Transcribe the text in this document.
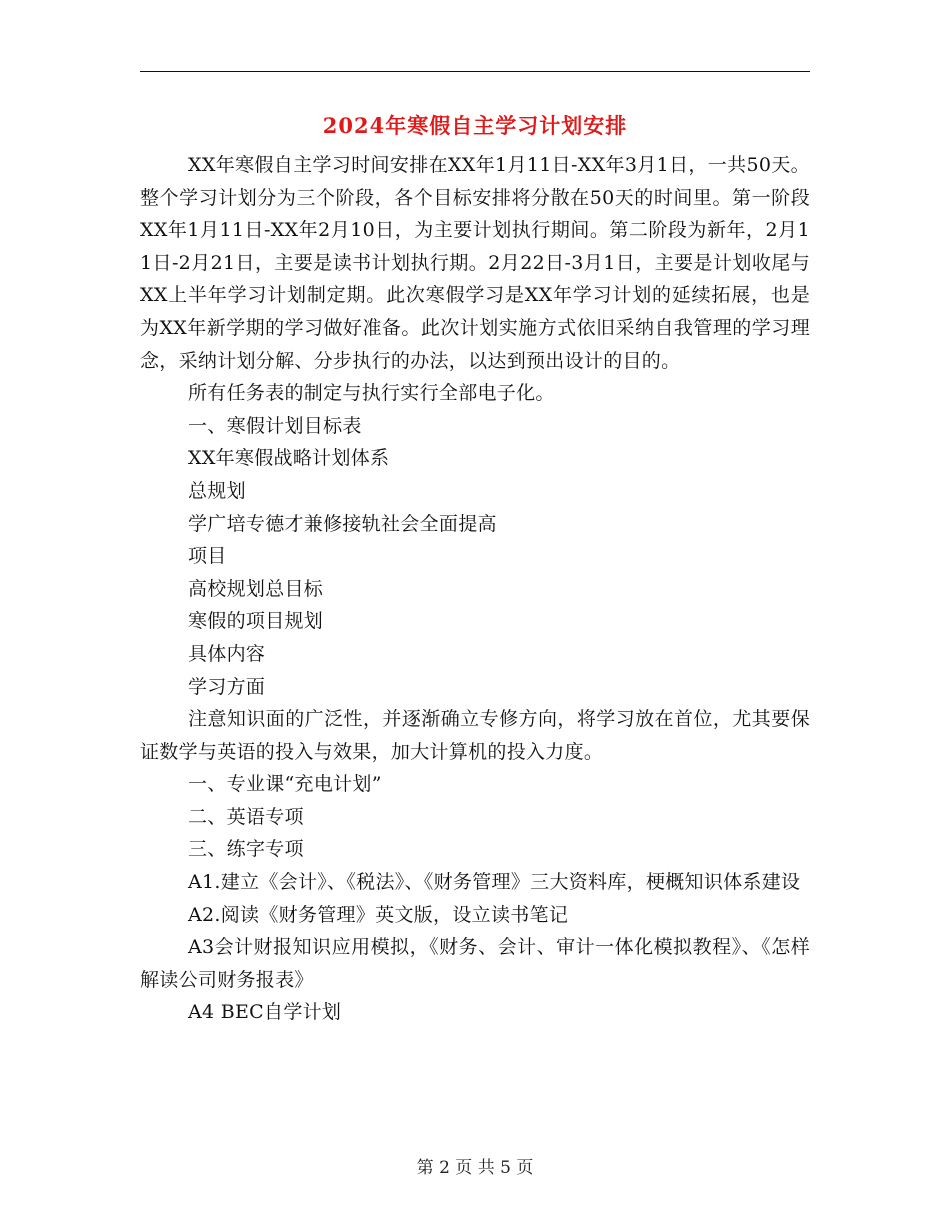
2024年寒假自主学习计划安排

XX年寒假自主学习时间安排在XX年1月11日-XX年3月1日，一共50天。整个学习计划分为三个阶段，各个目标安排将分散在50天的时间里。第一阶段XX年1月11日-XX年2月10日，为主要计划执行期间。第二阶段为新年，2月11日-2月21日，主要是读书计划执行期。2月22日-3月1日，主要是计划收尾与XX上半年学习计划制定期。此次寒假学习是XX年学习计划的延续拓展，也是为XX年新学期的学习做好准备。此次计划实施方式依旧采纳自我管理的学习理念，采纳计划分解、分步执行的办法，以达到预出设计的目的。

所有任务表的制定与执行实行全部电子化。

一、寒假计划目标表

XX年寒假战略计划体系

总规划

学广培专德才兼修接轨社会全面提高

项目

高校规划总目标

寒假的项目规划

具体内容

学习方面

注意知识面的广泛性，并逐渐确立专修方向，将学习放在首位，尤其要保证数学与英语的投入与效果，加大计算机的投入力度。

一、专业课“充电计划”

二、英语专项

三、练字专项

A1.建立《会计》、《税法》、《财务管理》三大资料库，梗概知识体系建设

A2.阅读《财务管理》英文版，设立读书笔记

A3会计财报知识应用模拟，《财务、会计、审计一体化模拟教程》、《怎样解读公司财务报表》

A4 BEC自学计划

第 2 页 共 5 页
